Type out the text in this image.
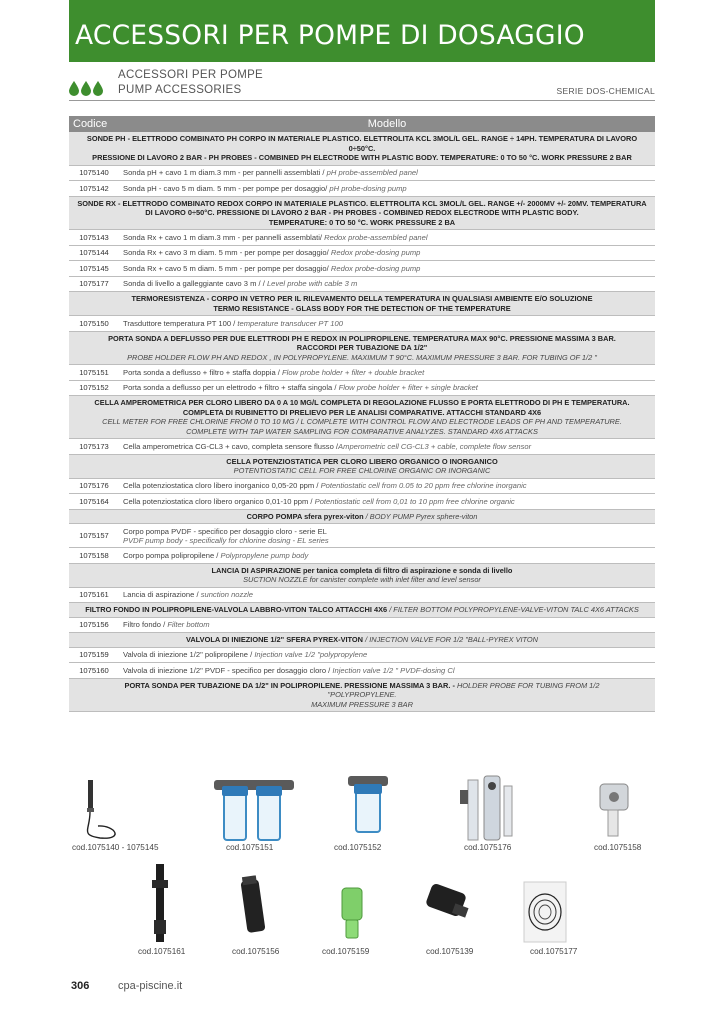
ACCESSORI PER POMPE DI DOSAGGIO
ACCESSORI PER POMPE
PUMP ACCESSORIES	SERIE DOS-CHEMICAL
Codice	Modello
SONDE PH - ELETTRODO COMBINATO PH CORPO IN MATERIALE PLASTICO. ELETTROLITA KCL 3MOL/L GEL. RANGE ÷ 14PH. TEMPERATURA DI LAVORO 0÷50°C.
PRESSIONE DI LAVORO 2 BAR - PH PROBES - COMBINED PH ELECTRODE WITH PLASTIC BODY. TEMPERATURE: 0 TO 50 °C. WORK PRESSURE 2 BAR
1075140	Sonda pH + cavo 1 m diam.3 mm - per pannelli assemblati / pH probe-assembled panel
1075142	Sonda pH - cavo 5 m diam. 5 mm - per pompe per dosaggio/ pH probe-dosing pump
SONDE RX - ELETTRODO COMBINATO REDOX CORPO IN MATERIALE PLASTICO. ELETTROLITA KCL 3MOL/L GEL. RANGE +/- 2000MV +/- 20MV. TEMPERATURA DI LAVORO 0÷50°C. PRESSIONE DI LAVORO 2 BAR - PH PROBES - COMBINED REDOX ELECTRODE WITH PLASTIC BODY.
TEMPERATURE: 0 TO 50 °C. WORK PRESSURE 2 BA
1075143	Sonda Rx + cavo 1 m diam.3 mm - per pannelli assemblati/ Redox probe-assembled panel
1075144	Sonda Rx + cavo 3 m diam. 5 mm - per pompe per dosaggio/ Redox probe-dosing pump
1075145	Sonda Rx + cavo 5 m diam. 5 mm - per pompe per dosaggio/ Redox probe-dosing pump
1075177	Sonda di livello a galleggiante cavo 3 m / / Level probe with cable 3 m
TERMORESISTENZA - CORPO IN VETRO PER IL RILEVAMENTO DELLA TEMPERATURA IN QUALSIASI AMBIENTE E/O SOLUZIONE
TERMO RESISTANCE - GLASS BODY FOR THE DETECTION OF THE TEMPERATURE
1075150	Trasduttore temperatura PT 100 / temperature transducer PT 100
PORTA SONDA A DEFLUSSO PER DUE ELETTRODI PH E REDOX IN POLIPROPILENE. TEMPERATURA MAX 90°C. PRESSIONE MASSIMA 3 BAR.
RACCORDI PER TUBAZIONE DA 1/2"
PROBE HOLDER FLOW PH AND REDOX , IN POLYPROPYLENE. MAXIMUM T 90°C. MAXIMUM PRESSURE 3 BAR. FOR TUBING OF 1/2 "
1075151	Porta sonda a deflusso + filtro + staffa doppia / Flow probe holder + filter + double bracket
1075152	Porta sonda a deflusso per un elettrodo + filtro + staffa singola / Flow probe holder + filter + single bracket
CELLA AMPEROMETRICA PER CLORO LIBERO DA 0 A 10 MG/L COMPLETA DI REGOLAZIONE FLUSSO E PORTA ELETTRODO DI PH E TEMPERATURA.
COMPLETA DI RUBINETTO DI PRELIEVO PER LE ANALISI COMPARATIVE. ATTACCHI STANDARD 4X6
CELL METER FOR FREE CHLORINE FROM 0 TO 10 MG / L COMPLETE WITH CONTROL FLOW AND ELECTRODE LEADS OF PH AND TEMPERATURE.
COMPLETE WITH TAP WATER SAMPLING FOR COMPARATIVE ANALYZES. STANDARD 4X6 ATTACKS
1075173	Cella amperometrica CG-CL3 + cavo, completa sensore flusso /Amperometric cell CG-CL3 + cable, complete flow sensor
CELLA POTENZIOSTATICA PER CLORO LIBERO ORGANICO O INORGANICO
POTENTIOSTATIC CELL FOR FREE CHLORINE ORGANIC OR INORGANIC
1075176	Cella potenziostatica cloro libero inorganico 0,05-20 ppm / Potentiostatic cell from 0.05 to 20 ppm free chlorine inorganic
1075164	Cella potenziostatica cloro libero organico 0,01-10 ppm / Potentiostatic cell from 0,01 to 10 ppm free chlorine organic
CORPO POMPA sfera pyrex-viton / BODY PUMP Pyrex sphere-viton
1075157	Corpo pompa PVDF - specifico per dosaggio cloro - serie EL
PVDF pump body - specifically for chlorine dosing - EL series
1075158	Corpo pompa polipropilene / Polypropylene pump body
LANCIA DI ASPIRAZIONE per tanica completa di filtro di aspirazione e sonda di livello
SUCTION NOZZLE for canister complete with inlet filter and level sensor
1075161	Lancia di aspirazione / sunction nozzle
FILTRO FONDO IN POLIPROPILENE-VALVOLA LABBRO-VITON TALCO ATTACCHI 4X6 / FILTER BOTTOM POLYPROPYLENE-VALVE-VITON TALC 4X6 ATTACKS
1075156	Filtro fondo / Filter bottom
VALVOLA DI INIEZIONE 1/2" SFERA PYREX-VITON / INJECTION VALVE FOR 1/2 "BALL-PYREX VITON
1075159	Valvola di iniezione 1/2" polipropilene / Injection valve 1/2 "polypropylene
1075160	Valvola di iniezione 1/2" PVDF - specifico per dosaggio cloro / Injection valve 1/2 " PVDF-dosing Cl
PORTA SONDA PER TUBAZIONE DA 1/2" IN POLIPROPILENE. PRESSIONE MASSIMA 3 BAR. - HOLDER PROBE FOR TUBING FROM 1/2
"POLYPROPYLENE.
MAXIMUM PRESSURE 3 BAR
cod.1075140 - 1075145	cod.1075151	cod.1075152	cod.1075176	cod.1075158
cod.1075161	cod.1075156	cod.1075159	cod.1075139	cod.1075177
306	cpa-piscine.it
